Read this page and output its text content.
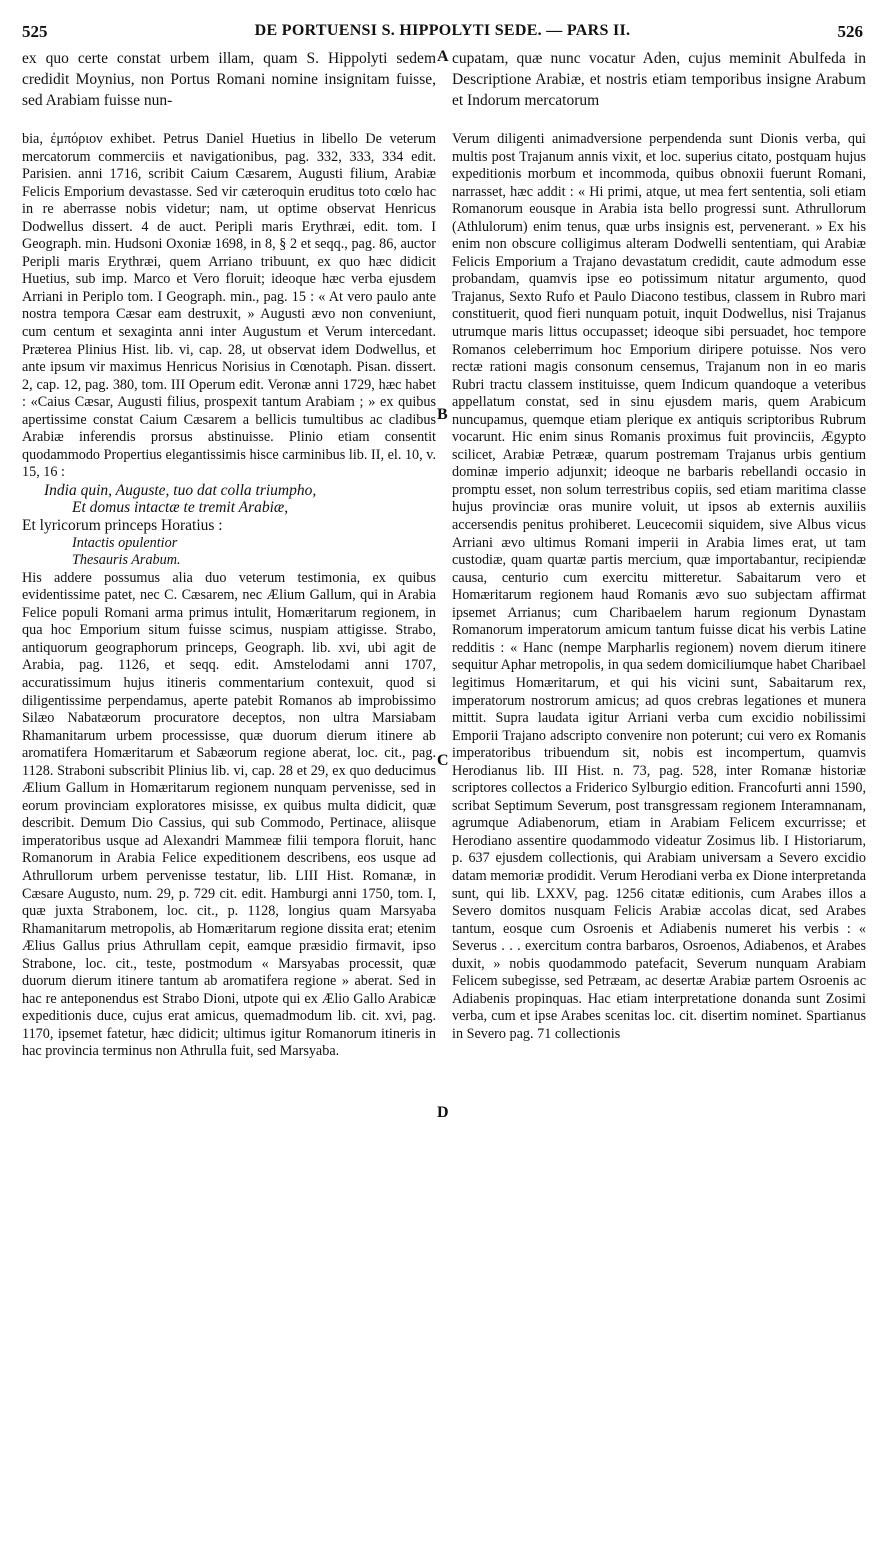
525	DE PORTUENSI S. HIPPOLYTI SEDE. — PARS II.	526
A
B
C
D

ex quo certe constat urbem illam, quam S. Hippolyti sedem credidit Moynius, non Portus Romani nomine insignitam fuisse, sed Arabiam fuisse nun-

bia, ἐμπόριον exhibet. Petrus Daniel Huetius in libello De veterum mercatorum commerciis et navigationibus, pag. 332, 333, 334 edit. Parisien. anni 1716, scribit Caium Cæsarem, Augusti filium, Arabiæ Felicis Emporium devastasse. Sed vir cæteroquin eruditus toto cœlo hac in re aberrasse nobis videtur; nam, ut optime observat Henricus Dodwellus dissert. 4 de auct. Peripli maris Erythræi, edit. tom. I Geograph. min. Hudsoni Oxoniæ 1698, in 8, § 2 et seqq., pag. 86, auctor Peripli maris Erythræi, quem Arriano tribuunt, ex quo hæc didicit Huetius, sub imp. Marco et Vero floruit; ideoque hæc verba ejusdem Arriani in Periplo tom. I Geograph. min., pag. 15 : « At vero paulo ante nostra tempora Cæsar eam destruxit, » Augusti ævo non conveniunt, cum centum et sexaginta anni inter Augustum et Verum intercedant. Præterea Plinius Hist. lib. vi, cap. 28, ut observat idem Dodwellus, et ante ipsum vir maximus Henricus Norisius in Cœnotaph. Pisan. dissert. 2, cap. 12, pag. 380, tom. III Operum edit. Veronæ anni 1729, hæc habet : «Caius Cæsar, Augusti filius, prospexit tantum Arabiam ; » ex quibus apertissime constat Caium Cæsarem a bellicis tumultibus ac cladibus Arabiæ inferendis prorsus abstinuisse. Plinio etiam consentit quodammodo Propertius elegantissimis hisce carminibus lib. II, el. 10, v. 15, 16 :

India quin, Auguste, tuo dat colla triumpho,

Et domus intactæ te tremit Arabiæ,

Et lyricorum princeps Horatius :

Intactis opulentior

Thesauris Arabum.

His addere possumus alia duo veterum testimonia, ex quibus evidentissime patet, nec C. Cæsarem, nec Ælium Gallum, qui in Arabia Felice populi Romani arma primus intulit, Homæritarum regionem, in qua hoc Emporium situm fuisse scimus, nuspiam attigisse. Strabo, antiquorum geographorum princeps, Geograph. lib. xvi, ubi agit de Arabia, pag. 1126, et seqq. edit. Amstelodami anni 1707, accuratissimum hujus itineris commentarium contexuit, quod si diligentissime perpendamus, aperte patebit Romanos ab improbissimo Silæo Nabatæorum procuratore deceptos, non ultra Marsiabam Rhamanitarum urbem processisse, quæ duorum dierum itinere ab aromatifera Homæritarum et Sabæorum regione aberat, loc. cit., pag. 1128. Straboni subscribit Plinius lib. vi, cap. 28 et 29, ex quo deducimus Ælium Gallum in Homæritarum regionem nunquam pervenisse, sed in eorum provinciam exploratores misisse, ex quibus multa didicit, quæ describit. Demum Dio Cassius, qui sub Commodo, Pertinace, aliisque imperatoribus usque ad Alexandri Mammeæ filii tempora floruit, hanc Romanorum in Arabia Felice expeditionem describens, eos usque ad Athrullorum urbem pervenisse testatur, lib. LIII Hist. Romanæ, in Cæsare Augusto, num. 29, p. 729 cit. edit. Hamburgi anni 1750, tom. I, quæ juxta Strabonem, loc. cit., p. 1128, longius quam Marsyaba Rhamanitarum metropolis, ab Homæritarum regione dissita erat; etenim Ælius Gallus prius Athrullam cepit, eamque præsidio firmavit, ipso Strabone, loc. cit., teste, postmodum « Marsyabas processit, quæ duorum dierum itinere tantum ab aromatifera regione » aberat. Sed in hac re anteponendus est Strabo Dioni, utpote qui ex Ælio Gallo Arabicæ expeditionis duce, cujus erat amicus, quemadmodum lib. cit. xvi, pag. 1170, ipsemet fatetur, hæc didicit; ultimus igitur Romanorum itineris in hac provincia terminus non Athrulla fuit, sed Marsyaba.

cupatam, quæ nunc vocatur Aden, cujus meminit Abulfeda in Descriptione Arabiæ, et nostris etiam temporibus insigne Arabum et Indorum mercatorum

Verum diligenti animadversione perpendenda sunt Dionis verba, qui multis post Trajanum annis vixit, et loc. superius citato, postquam hujus expeditionis morbum et incommoda, quibus obnoxii fuerunt Romani, narrasset, hæc addit : « Hi primi, atque, ut mea fert sententia, soli etiam Romanorum eousque in Arabia ista bello progressi sunt. Athrullorum (Athlulorum) enim tenus, quæ urbs insignis est, pervenerant. » Ex his enim non obscure colligimus alteram Dodwelli sententiam, qui Arabiæ Felicis Emporium a Trajano devastatum credidit, caute admodum esse probandam, quamvis ipse eo potissimum nitatur argumento, quod Trajanus, Sexto Rufo et Paulo Diacono testibus, classem in Rubro mari constituerit, quod fieri nunquam potuit, inquit Dodwellus, nisi Trajanus utrumque maris littus occupasset; ideoque sibi persuadet, hoc tempore Romanos celeberrimum hoc Emporium diripere potuisse. Nos vero rectæ rationi magis consonum censemus, Trajanum non in eo maris Rubri tractu classem instituisse, quem Indicum quandoque a veteribus appellatum constat, sed in sinu ejusdem maris, quem Arabicum nuncupamus, quemque etiam plerique ex antiquis scriptoribus Rubrum vocarunt. Hic enim sinus Romanis proximus fuit provinciis, Ægypto scilicet, Arabiæ Petrææ, quarum postremam Trajanus urbis gentium dominæ imperio adjunxit; ideoque ne barbaris rebellandi occasio in promptu esset, non solum terrestribus copiis, sed etiam maritima classe hujus provinciæ oras munire voluit, ut ipsos ab externis auxiliis accersendis penitus prohiberet. Leucecomii siquidem, sive Albus vicus Arriani ævo ultimus Romani imperii in Arabia limes erat, ut tam custodiæ, quam quartæ partis mercium, quæ importabantur, recipiendæ causa, centurio cum exercitu mitteretur. Sabaitarum vero et Homæritarum regionem haud Romanis ævo suo subjectam affirmat ipsemet Arrianus; cum Charibaelem harum regionum Dynastam Romanorum imperatorum amicum tantum fuisse dicat his verbis Latine redditis : « Hanc (nempe Marpharlis regionem) novem dierum itinere sequitur Aphar metropolis, in qua sedem domiciliumque habet Charibael legitimus Homæritarum, et qui his vicini sunt, Sabaitarum rex, imperatorum nostrorum amicus; ad quos crebras legationes et munera mittit. Supra laudata igitur Arriani verba cum excidio nobilissimi Emporii Trajano adscripto convenire non poterunt; cui vero ex Romanis imperatoribus tribuendum sit, nobis est incompertum, quamvis Herodianus lib. III Hist. n. 73, pag. 528, inter Romanæ historiæ scriptores collectos a Friderico Sylburgio edition. Francofurti anni 1590, scribat Septimum Severum, post transgressam regionem Interamnanam, agrumque Adiabenorum, etiam in Arabiam Felicem excurrisse; et Herodiano assentire quodammodo videatur Zosimus lib. I Historiarum, p. 637 ejusdem collectionis, qui Arabiam universam a Severo excidio datam memoriæ prodidit. Verum Herodiani verba ex Dione interpretanda sunt, qui lib. LXXV, pag. 1256 citatæ editionis, cum Arabes illos a Severo domitos nusquam Felicis Arabiæ accolas dicat, sed Arabes tantum, eosque cum Osroenis et Adiabenis numeret his verbis : « Severus . . . exercitum contra barbaros, Osroenos, Adiabenos, et Arabes duxit, » nobis quodammodo patefacit, Severum nunquam Arabiam Felicem subegisse, sed Petræam, ac desertæ Arabiæ partem Osroenis ac Adiabenis propinquas. Hac etiam interpretatione donanda sunt Zosimi verba, cum et ipse Arabes scenitas loc. cit. disertim nominet. Spartianus in Severo pag. 71 collectionis
